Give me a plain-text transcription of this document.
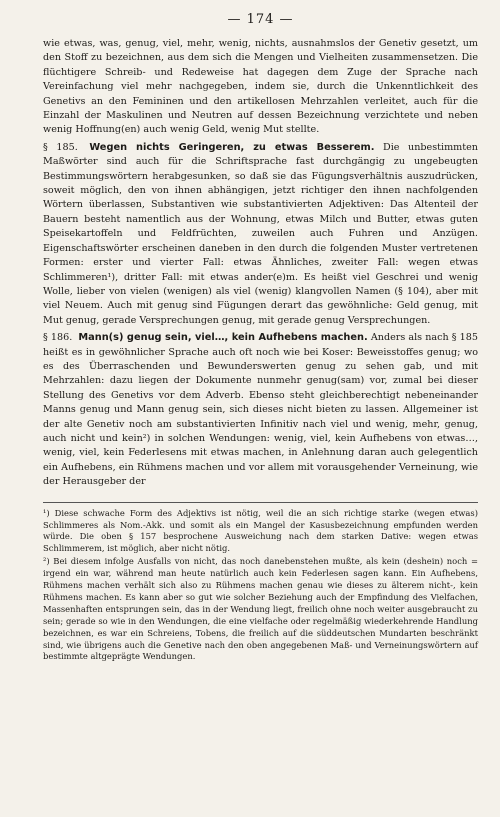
— 174 —

wie etwas, was, genug, viel, mehr, wenig, nichts, ausnahmslos der Genetiv gesetzt, um den Stoff zu bezeichnen, aus dem sich die Mengen und Vielheiten zusammensetzen. Die flüchtigere Schreib- und Redeweise hat dagegen dem Zuge der Sprache nach Vereinfachung viel mehr nachgegeben, indem sie, durch die Unkenntlichkeit des Genetivs an den Femininen und den artikellosen Mehrzahlen verleitet, auch für die Einzahl der Maskulinen und Neutren auf dessen Bezeichnung verzichtete und neben wenig Hoffnung(en) auch wenig Geld, wenig Mut stellte.

§ 185. Wegen nichts Geringeren, zu etwas Besserem. Die unbestimmten Maßwörter sind auch für die Schriftsprache fast durchgängig zu ungebeugten Bestimmungswörtern herabgesunken, so daß sie das Fügungsverhältnis auszudrücken, soweit möglich, den von ihnen abhängigen, jetzt richtiger den ihnen nachfolgenden Wörtern überlassen, Substantiven wie substantivierten Adjektiven: Das Altenteil der Bauern besteht namentlich aus der Wohnung, etwas Milch und Butter, etwas guten Speisekartoffeln und Feldfrüchten, zuweilen auch Fuhren und Anzügen. Eigenschaftswörter erscheinen daneben in den durch die folgenden Muster vertretenen Formen: erster und vierter Fall: etwas Ähnliches, zweiter Fall: wegen etwas Schlimmeren¹), dritter Fall: mit etwas ander(e)m. Es heißt viel Geschrei und wenig Wolle, lieber von vielen (wenigen) als viel (wenig) klangvollen Namen (§ 104), aber mit viel Neuem. Auch mit genug sind Fügungen derart das gewöhnliche: Geld genug, mit Mut genug, gerade Versprechungen genug, mit gerade genug Versprechungen.

§ 186. Mann(s) genug sein, viel…, kein Aufhebens machen. Anders als nach § 185 heißt es in gewöhnlicher Sprache auch oft noch wie bei Koser: Beweisstoffes genug; wo es des Überraschenden und Bewunderswerten genug zu sehen gab, und mit Mehrzahlen: dazu liegen der Dokumente nunmehr genug(sam) vor, zumal bei dieser Stellung des Genetivs vor dem Adverb. Ebenso steht gleichberechtigt nebeneinander Manns genug und Mann genug sein, sich dieses nicht bieten zu lassen. Allgemeiner ist der alte Genetiv noch am substantivierten Infinitiv nach viel und wenig, mehr, genug, auch nicht und kein²) in solchen Wendungen: wenig, viel, kein Aufhebens von etwas…, wenig, viel, kein Federlesens mit etwas machen, in Anlehnung daran auch gelegentlich ein Aufhebens, ein Rühmens machen und vor allem mit vorausgehender Verneinung, wie der Herausgeber der

¹) Diese schwache Form des Adjektivs ist nötig, weil die an sich richtige starke (wegen etwas) Schlimmeres als Nom.-Akk. und somit als ein Mangel der Kasusbezeichnung empfunden werden würde. Die oben § 157 besprochene Ausweichung nach dem starken Dative: wegen etwas Schlimmerem, ist möglich, aber nicht nötig.

²) Bei diesem infolge Ausfalls von nicht, das noch danebenstehen mußte, als kein (deshein) noch = irgend ein war, während man heute natürlich auch kein Federlesen sagen kann. Ein Aufhebens, Rühmens machen verhält sich also zu Rühmens machen genau wie dieses zu älterem nicht-, kein Rühmens machen. Es kann aber so gut wie solcher Beziehung auch der Empfindung des Vielfachen, Massenhaften entsprungen sein, das in der Wendung liegt, freilich ohne noch weiter ausgebraucht zu sein; gerade so wie in den Wendungen, die eine vielfache oder regelmäßig wiederkehrende Handlung bezeichnen, es war ein Schreiens, Tobens, die freilich auf die süddeutschen Mundarten beschränkt sind, wie übrigens auch die Genetive nach den oben angegebenen Maß- und Verneinungswörtern auf bestimmte altgeprägte Wendungen.
